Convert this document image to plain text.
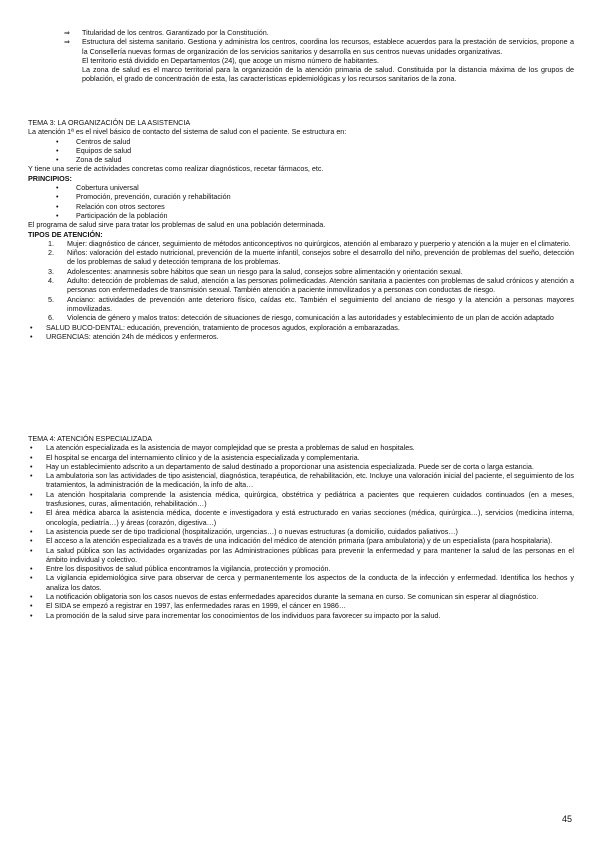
⇒ Titularidad de los centros. Garantizado por la Constitución.
⇒ Estructura del sistema sanitario. Gestiona y administra los centros, coordina los recursos, establece acuerdos para la prestación de servicios, propone a la Consellería nuevas formas de organización de los servicios sanitarios y desarrolla en sus centros nuevas unidades organizativas.

El territorio está dividido en Departamentos (24), que acoge un mismo número de habitantes.

La zona de salud es el marco territorial para la organización de la atención primaria de salud. Constituida por la distancia máxima de los grupos de población, el grado de concentración de esta, las características epidemiológicas y los recursos sanitarios de la zona.

TEMA 3: LA ORGANIZACIÓN DE LA ASISTENCIA

La atención 1ª es el nivel básico de contacto del sistema de salud con el paciente. Se estructura en:

• Centros de salud
• Equipos de salud
• Zona de salud

Y tiene una serie de actividades concretas como realizar diagnósticos, recetar fármacos, etc.

PRINCIPIOS:

• Cobertura universal
• Promoción, prevención, curación y rehabilitación
• Relación con otros sectores
• Participación de la población

El programa de salud sirve para tratar los problemas de salud en una población determinada.

TIPOS DE ATENCIÓN:

1. Mujer: diagnóstico de cáncer, seguimiento de métodos anticonceptivos no quirúrgicos, atención al embarazo y puerperio y atención a la mujer en el climaterio.
2. Niños: valoración del estado nutricional, prevención de la muerte infantil, consejos sobre el desarrollo del niño, prevención de problemas del sueño, detección de los problemas de salud y detección temprana de los problemas.
3. Adolescentes: anamnesis sobre hábitos que sean un riesgo para la salud, consejos sobre alimentación y orientación sexual.
4. Adulto: detección de problemas de salud, atención a las personas polimedicadas. Atención sanitaria a pacientes con problemas de salud crónicos y atención a personas con enfermedades de transmisión sexual. También atención a paciente inmovilizados y a personas con conductas de riesgo.
5. Anciano: actividades de prevención ante deterioro físico, caídas etc. También el seguimiento del anciano de riesgo y la atención a personas mayores inmovilizadas.
6. Violencia de género y malos tratos: detección de situaciones de riesgo, comunicación a las autoridades y establecimiento de un plan de acción adaptado
• SALUD BUCO-DENTAL: educación, prevención, tratamiento de procesos agudos, exploración a embarazadas.
• URGENCIAS: atención 24h de médicos y enfermeros.

TEMA 4: ATENCIÓN ESPECIALIZADA

• La atención especializada es la asistencia de mayor complejidad que se presta a problemas de salud en hospitales.
• El hospital se encarga del internamiento clínico y de la asistencia especializada y complementaria.
• Hay un establecimiento adscrito a un departamento de salud destinado a proporcionar una asistencia especializada. Puede ser de corta o larga estancia.
• La ambulatoria son las actividades de tipo asistencial, diagnóstica, terapéutica, de rehabilitación, etc. Incluye una valoración inicial del paciente, el seguimiento de los tratamientos, la administración de la medicación, la info de alta…
• La atención hospitalaria comprende la asistencia médica, quirúrgica, obstétrica y pediátrica a pacientes que requieren cuidados continuados (en a meses, trasfusiones, curas, alimentación, rehabilitación…)
• El área médica abarca la asistencia médica, docente e investigadora y está estructurado en varias secciones (médica, quirúrgica…), servicios (medicina interna, oncología, pediatría…) y áreas (corazón, digestiva…)
• La asistencia puede ser de tipo tradicional (hospitalización, urgencias…) o nuevas estructuras (a domicilio, cuidados paliativos…)
• El acceso a la atención especializada es a través de una indicación del médico de atención primaria (para ambulatoria) y de un especialista (para hospitalaria).
• La salud pública son las actividades organizadas por las Administraciones públicas para prevenir la enfermedad y para mantener la salud de las personas en el ámbito individual y colectivo.
• Entre los dispositivos de salud pública encontramos la vigilancia, protección y promoción.
• La vigilancia epidemiológica sirve para observar de cerca y permanentemente los aspectos de la conducta de la infección y enfermedad. Identifica los hechos y analiza los datos.
• La notificación obligatoria son los casos nuevos de estas enfermedades aparecidos durante la semana en curso. Se comunican sin esperar al diagnóstico.
• El SIDA se empezó a registrar en 1997, las enfermedades raras en 1999, el cáncer en 1986…
• La promoción de la salud sirve para incrementar los conocimientos de los individuos para favorecer su impacto por la salud.
45
